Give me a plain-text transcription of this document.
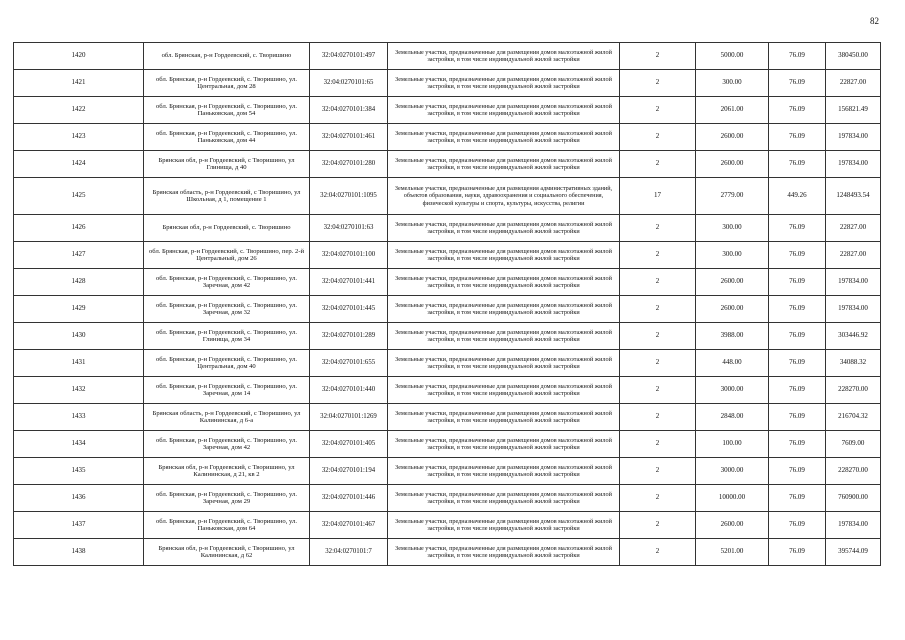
82
1420	обл. Брянская, р-н Гордеевский, с. Творишино	32:04:0270101:497	Земельные участки, предназначенные для размещения домов малоэтажной жилой застройки, в том числе индивидуальной жилой застройки	2	5000.00	76.09	380450.00
1421	обл. Брянская, р-н Гордеевский, с. Творишино, ул. Центральная, дом 28	32:04:0270101:65	Земельные участки, предназначенные для размещения домов малоэтажной жилой застройки, в том числе индивидуальной жилой застройки	2	300.00	76.09	22827.00
1422	обл. Брянская, р-н Гордеевский, с. Творишино, ул. Паньковская, дом 54	32:04:0270101:384	Земельные участки, предназначенные для размещения домов малоэтажной жилой застройки, в том числе индивидуальной жилой застройки	2	2061.00	76.09	156821.49
1423	обл. Брянская, р-н Гордеевский, с. Творишино, ул. Паньковская, дом 44	32:04:0270101:461	Земельные участки, предназначенные для размещения домов малоэтажной жилой застройки, в том числе индивидуальной жилой застройки	2	2600.00	76.09	197834.00
1424	Брянская обл, р-н Гордеевский, с Творишино, ул Глинища, д 40	32:04:0270101:280	Земельные участки, предназначенные для размещения домов малоэтажной жилой застройки, в том числе индивидуальной жилой застройки	2	2600.00	76.09	197834.00
1425	Брянская область, р-н Гордеевский, с Творишино, ул Школьная, д 1, помещение 1	32:04:0270101:1095	Земельные участки, предназначенные для размещения административных зданий, объектов образования, науки, здравоохранения и социального обеспечения, физической культуры и спорта, культуры, искусства, религии	17	2779.00	449.26	1248493.54
1426	Брянская обл, р-н Гордеевский, с. Творишино	32:04:0270101:63	Земельные участки, предназначенные для размещения домов малоэтажной жилой застройки, в том числе индивидуальной жилой застройки	2	300.00	76.09	22827.00
1427	обл. Брянская, р-н Гордеевский, с. Творишино, пер. 2-й Центральный, дом 26	32:04:0270101:100	Земельные участки, предназначенные для размещения домов малоэтажной жилой застройки, в том числе индивидуальной жилой застройки	2	300.00	76.09	22827.00
1428	обл. Брянская, р-н Гордеевский, с. Творишино, ул. Заречная, дом 42	32:04:0270101:441	Земельные участки, предназначенные для размещения домов малоэтажной жилой застройки, в том числе индивидуальной жилой застройки	2	2600.00	76.09	197834.00
1429	обл. Брянская, р-н Гордеевский, с. Творишино, ул. Заречная, дом 32	32:04:0270101:445	Земельные участки, предназначенные для размещения домов малоэтажной жилой застройки, в том числе индивидуальной жилой застройки	2	2600.00	76.09	197834.00
1430	обл. Брянская, р-н Гордеевский, с. Творишино, ул. Глинища, дом 34	32:04:0270101:289	Земельные участки, предназначенные для размещения домов малоэтажной жилой застройки, в том числе индивидуальной жилой застройки	2	3988.00	76.09	303446.92
1431	обл. Брянская, р-н Гордеевский, с. Творишино, ул. Центральная, дом 40	32:04:0270101:655	Земельные участки, предназначенные для размещения домов малоэтажной жилой застройки, в том числе индивидуальной жилой застройки	2	448.00	76.09	34088.32
1432	обл. Брянская, р-н Гордеевский, с. Творишино, ул. Заречная, дом 14	32:04:0270101:440	Земельные участки, предназначенные для размещения домов малоэтажной жилой застройки, в том числе индивидуальной жилой застройки	2	3000.00	76.09	228270.00
1433	Брянская область, р-н Гордеевский, с Творишино, ул Калининская, д 6-а	32:04:0270101:1269	Земельные участки, предназначенные для размещения домов малоэтажной жилой застройки, в том числе индивидуальной жилой застройки	2	2848.00	76.09	216704.32
1434	обл. Брянская, р-н Гордеевский, с. Творишино, ул. Заречная, дом 42	32:04:0270101:405	Земельные участки, предназначенные для размещения домов малоэтажной жилой застройки, в том числе индивидуальной жилой застройки	2	100.00	76.09	7609.00
1435	Брянская обл, р-н Гордеевский, с Творишино, ул Калининская, д 21, кв 2	32:04:0270101:194	Земельные участки, предназначенные для размещения домов малоэтажной жилой застройки, в том числе индивидуальной жилой застройки	2	3000.00	76.09	228270.00
1436	обл. Брянская, р-н Гордеевский, с. Творишино, ул. Заречная, дом 29	32:04:0270101:446	Земельные участки, предназначенные для размещения домов малоэтажной жилой застройки, в том числе индивидуальной жилой застройки	2	10000.00	76.09	760900.00
1437	обл. Брянская, р-н Гордеевский, с. Творишино, ул. Паньковская, дом 64	32:04:0270101:467	Земельные участки, предназначенные для размещения домов малоэтажной жилой застройки, в том числе индивидуальной жилой застройки	2	2600.00	76.09	197834.00
1438	Брянская обл, р-н Гордеевский, с Творишино, ул Калининская, д 62	32:04:0270101:7	Земельные участки, предназначенные для размещения домов малоэтажной жилой застройки, в том числе индивидуальной жилой застройки	2	5201.00	76.09	395744.09
